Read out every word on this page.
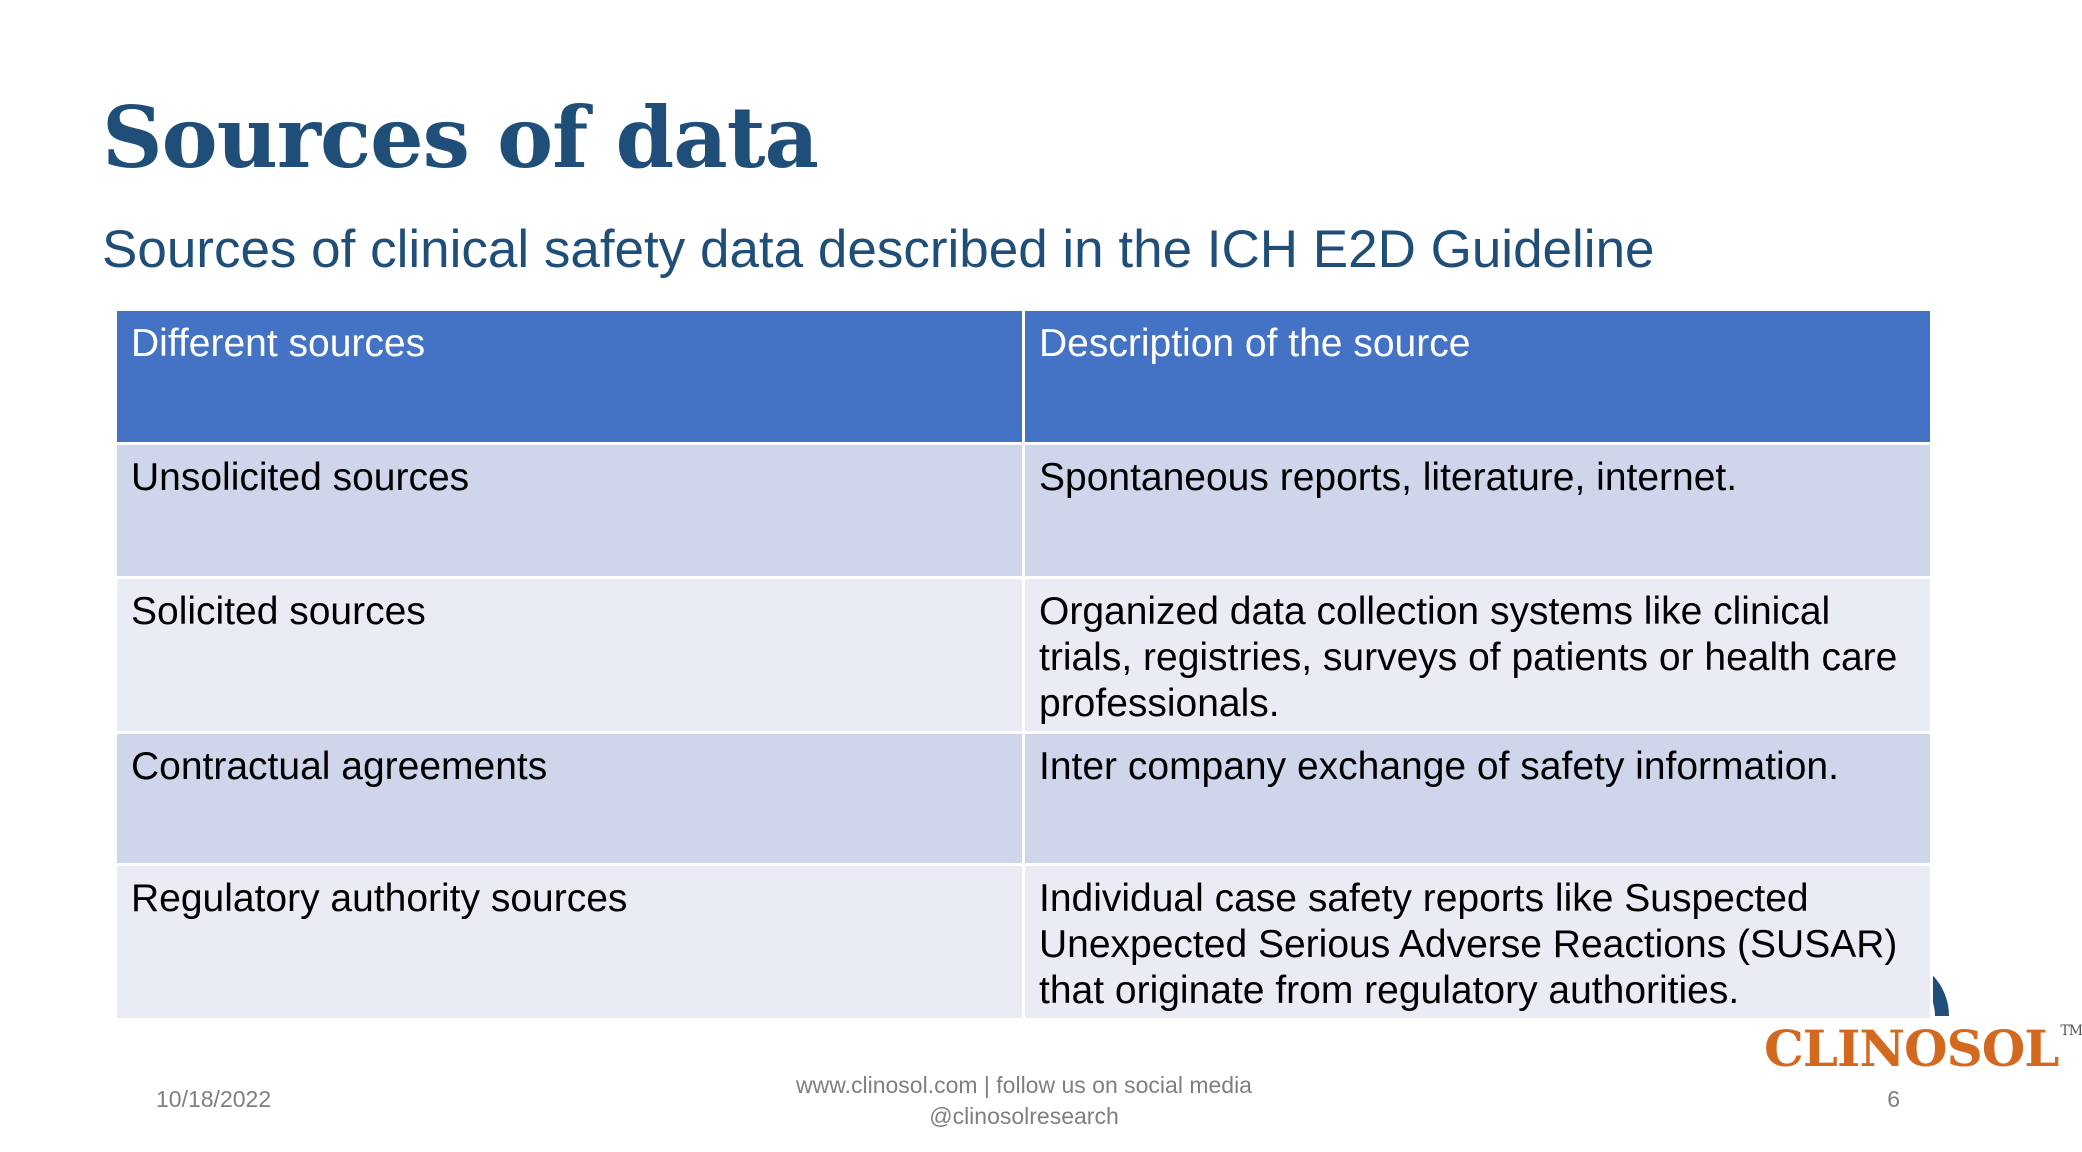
Sources of data
Sources of clinical safety data described in the ICH E2D Guideline
Different sources	Description of the source
Unsolicited sources	Spontaneous reports, literature, internet.
Solicited sources	Organized data collection systems like clinical trials, registries, surveys of patients or health care professionals.
Contractual agreements	Inter company exchange of safety information.
Regulatory authority sources	Individual case safety reports like Suspected Unexpected Serious Adverse Reactions (SUSAR) that originate from regulatory authorities.
CLINOSOL ™
10/18/2022
www.clinosol.com | follow us on social media
@clinosolresearch
6
